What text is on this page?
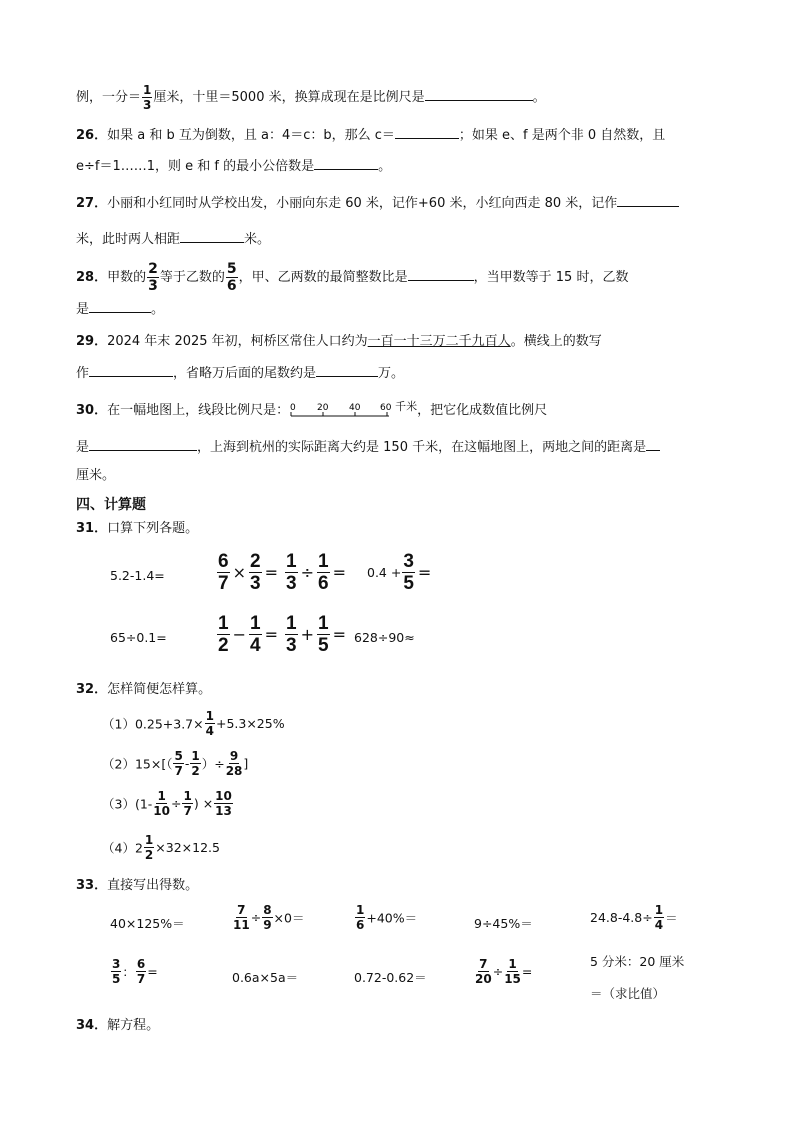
例，一分＝ $\frac{1}{3}$ 厘米，十里＝5000 米，换算成现在是比例尺是	。
26．如果 a 和 b 互为倒数，且 a：4＝c：b，那么 c＝	；如果 e、f 是两个非 0 自然数，且
e÷f＝1……1，则 e 和 f 的最小公倍数是	。
27．小丽和小红同时从学校出发，小丽向东走 60 米，记作+60 米，小红向西走 80 米，记作
米，此时两人相距	米。
28．甲数的 $\frac{2}{3}$ 等于乙数的 $\frac{5}{6}$ ，甲、乙两数的最简整数比是	，当甲数等于 15 时，乙数
是	。
29．2024 年末 2025 年初，柯桥区常住人口约为一百一十三万二千九百人。横线上的数写
作	，省略万后面的尾数约是	万。
30．在一幅地图上，线段比例尺是： 0 20 40 60 $^{千米}$，把它化成数值比例尺
是	，上海到杭州的实际距离大约是 150 千米，在这幅地图上，两地之间的距离是
厘米。
四、计算题
31．口算下列各题。
5.2-1.4=	$\frac{6}{7} \times \frac{2}{3} = \frac{1}{3} \div \frac{1}{6} = 0.4 + \frac{3}{5}$ =
65÷0.1=	$\frac{1}{2} - \frac{1}{4} = \frac{1}{3} + \frac{1}{5} = 628\div 90\approx$
32．怎样简便怎样算。
$(1)0.25+3.7\times \frac{1}{4} +5.3\times 25\%$
$(2)15\times[( \frac{5}{7} - \frac{1}{2}$ ）÷ $\frac{9}{28}$ ]
$(3)(1- \frac{1}{10} \div \frac{1}{7}$ ) × $\frac{10}{13}$
$(4)2 \frac{1}{2} \times 32\times 12.5$
33．直接写出得数。
40×125%＝	$\frac{7}{11} \div \frac{8}{9} \times 0=$	$\frac{1}{6} +40\%=$	9÷45%＝	$24.8-4.8\div \frac{1}{4}$ ＝
$\frac{3}{5}$ ： $\frac{6}{7}$ =	0.6a×5a＝	0.72-0.62＝	$\frac{7}{20} \div \frac{1}{15}$ =
5 分米：20 厘米
＝（求比值）
34．解方程。
